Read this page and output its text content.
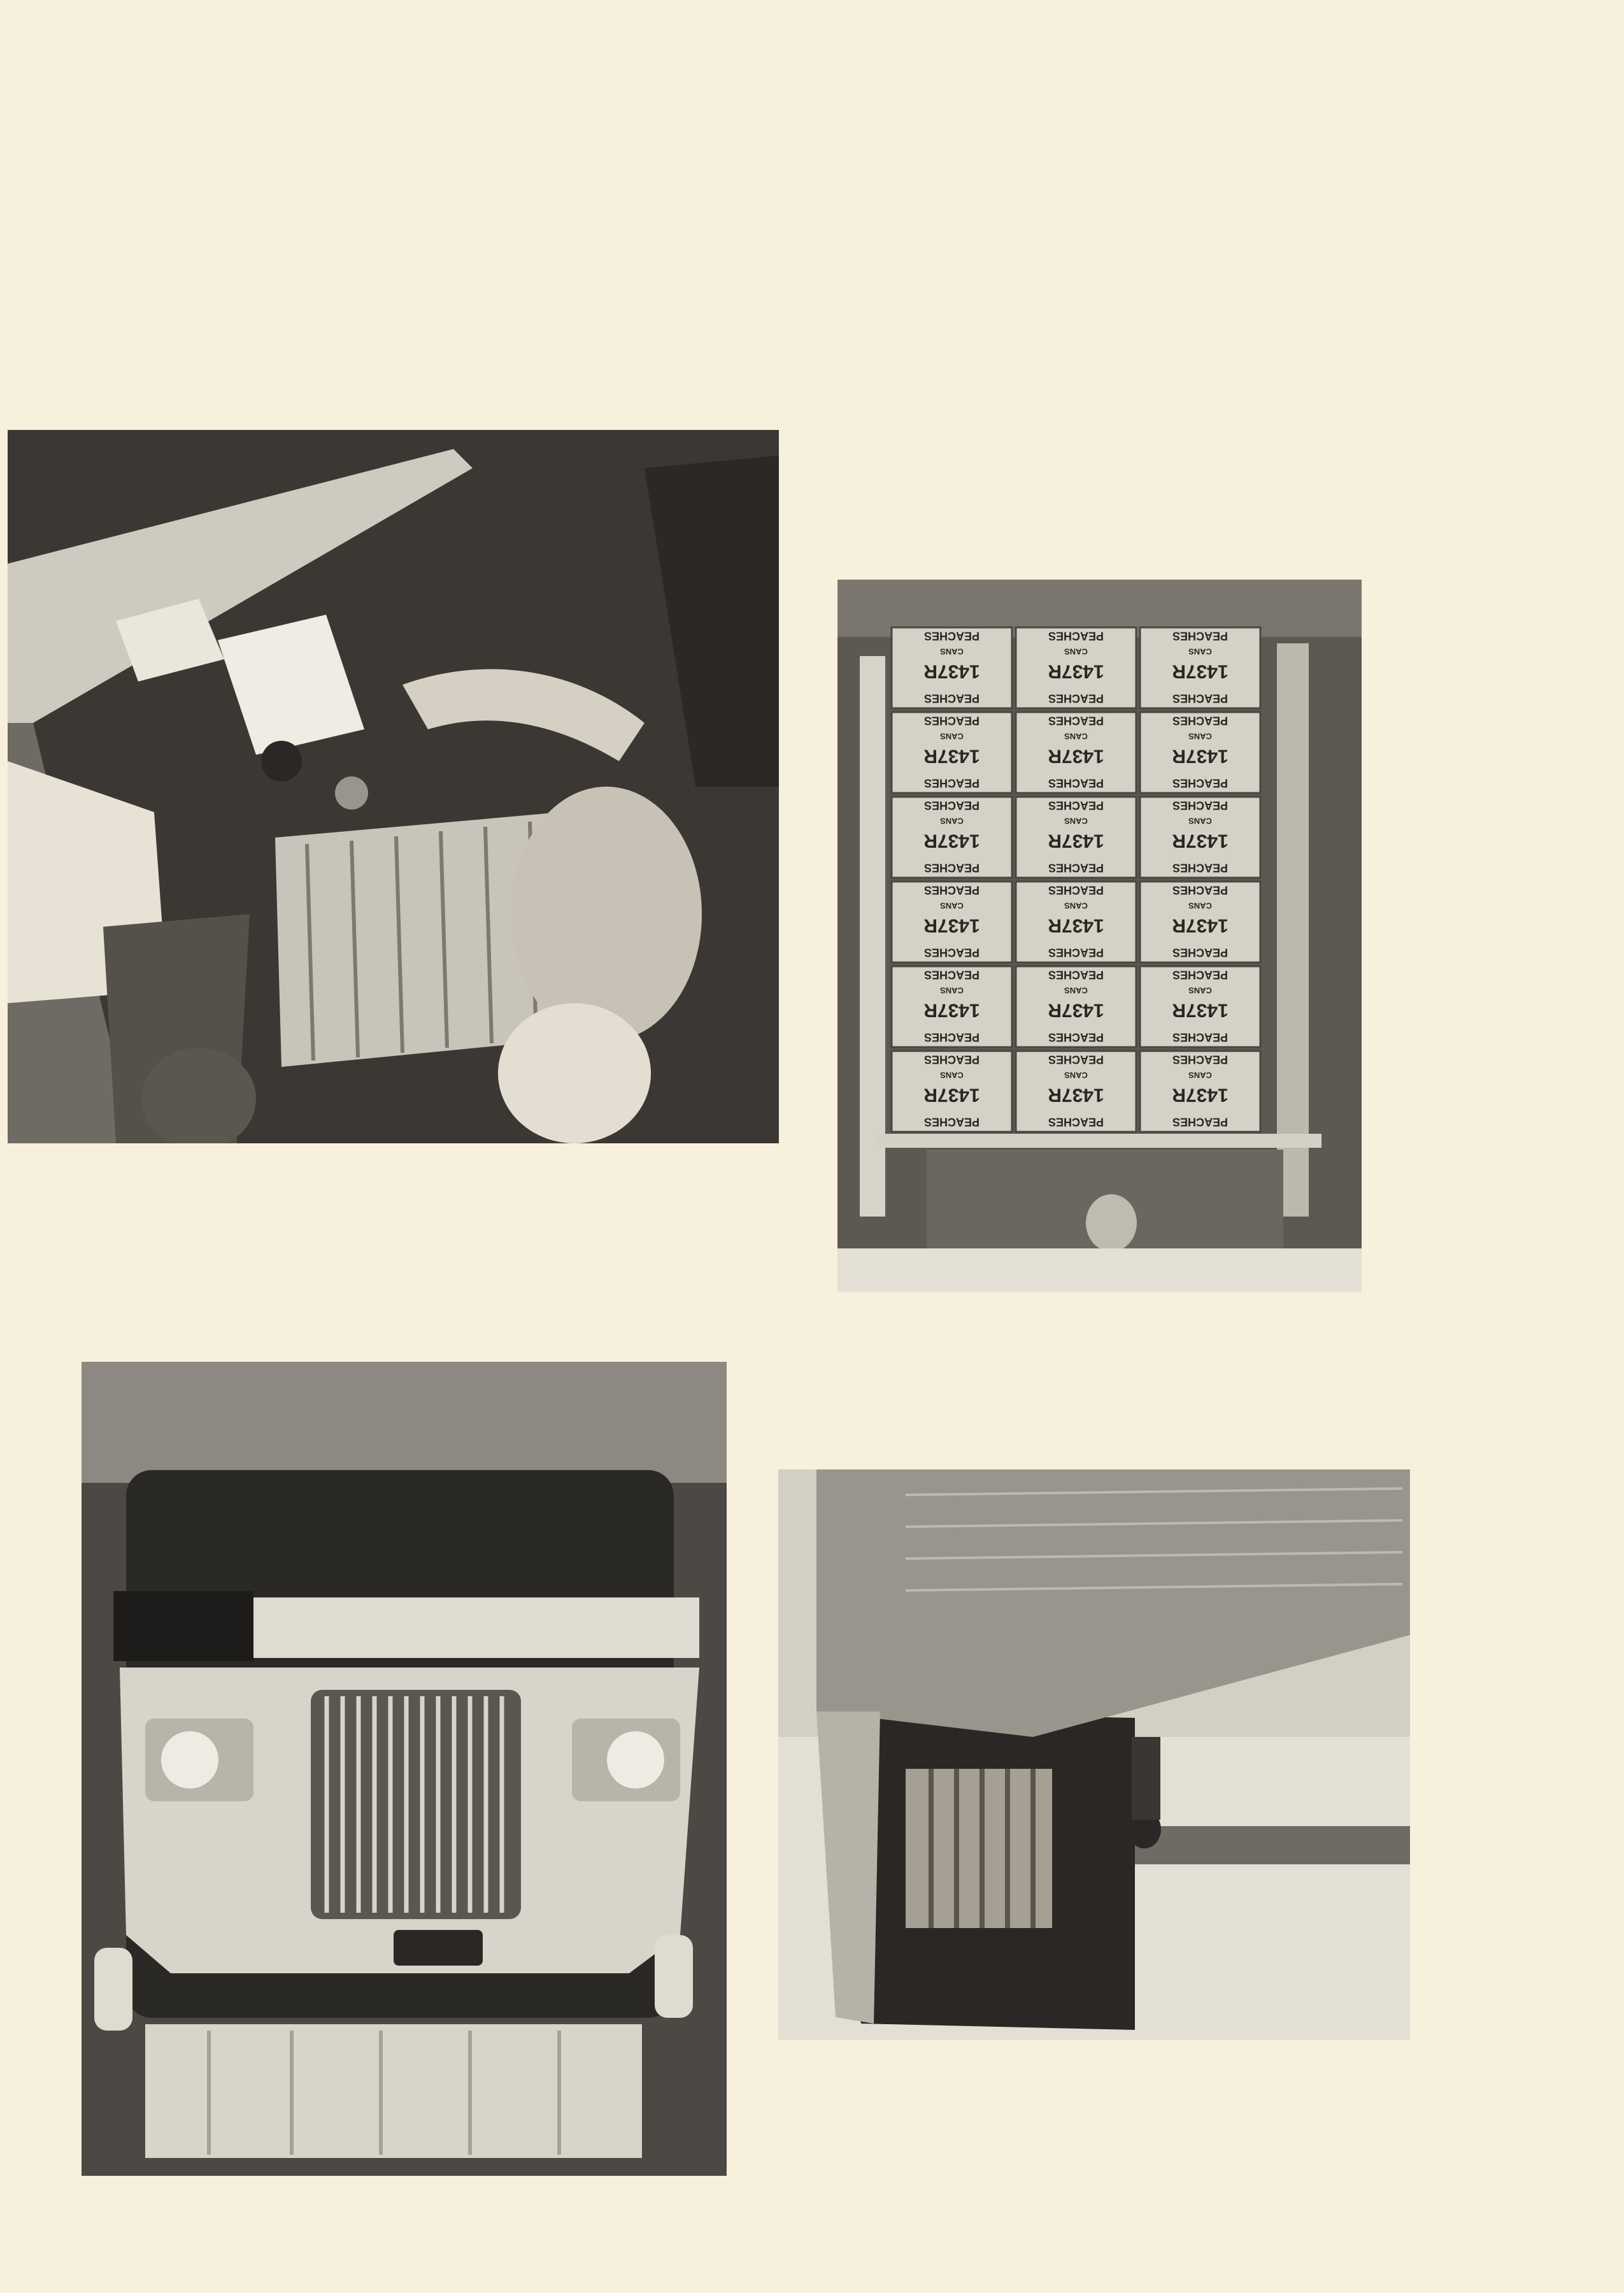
PEACHES
1437R
CANS
PEACHES
PEACHES
1437R
CANS
PEACHES
PEACHES
1437R
CANS
PEACHES
PEACHES
1437R
CANS
PEACHES
PEACHES
1437R
CANS
PEACHES
PEACHES
1437R
CANS
PEACHES
PEACHES
1437R
CANS
PEACHES
PEACHES
1437R
CANS
PEACHES
PEACHES
1437R
CANS
PEACHES
PEACHES
1437R
CANS
PEACHES
PEACHES
1437R
CANS
PEACHES
PEACHES
1437R
CANS
PEACHES
PEACHES
1437R
CANS
PEACHES
PEACHES
1437R
CANS
PEACHES
PEACHES
1437R
CANS
PEACHES
PEACHES
1437R
CANS
PEACHES
PEACHES
1437R
CANS
PEACHES
PEACHES
1437R
CANS
PEACHES
Mack
